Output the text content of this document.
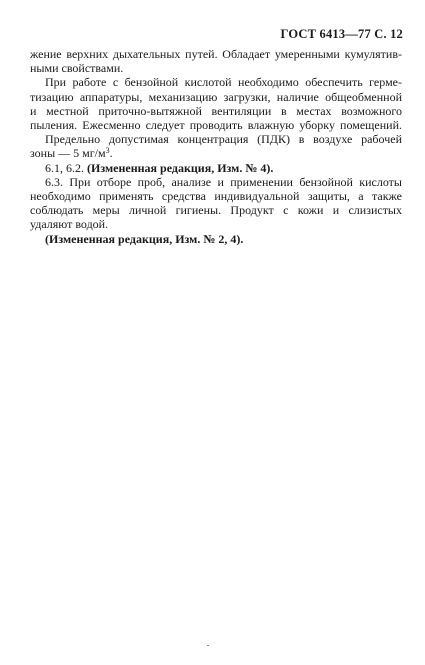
ГОСТ 6413—77 С. 12
жение верхних дыхательных путей. Обладает умеренными кумулятив-
ными свойствами.
При работе с бензойной кислотой необходимо обеспечить герме-
тизацию аппаратуры, механизацию загрузки, наличие общеобменной
и местной приточно-вытяжной вентиляции в местах возможного
пыления. Ежесменно следует проводить влажную уборку помещений.
Предельно допустимая концентрация (ПДК) в воздухе рабочей
зоны — 5 $мг/м^3$.
6.1, 6.2. (Измененная редакция, Изм. № 4).
6.3. При отборе проб, анализе и применении бензойной кислоты
необходимо применять средства индивидуальной защиты, а также
соблюдать меры личной гигиены. Продукт с кожи и слизистых
удаляют водой.
(Измененная редакция, Изм. № 2, 4).
